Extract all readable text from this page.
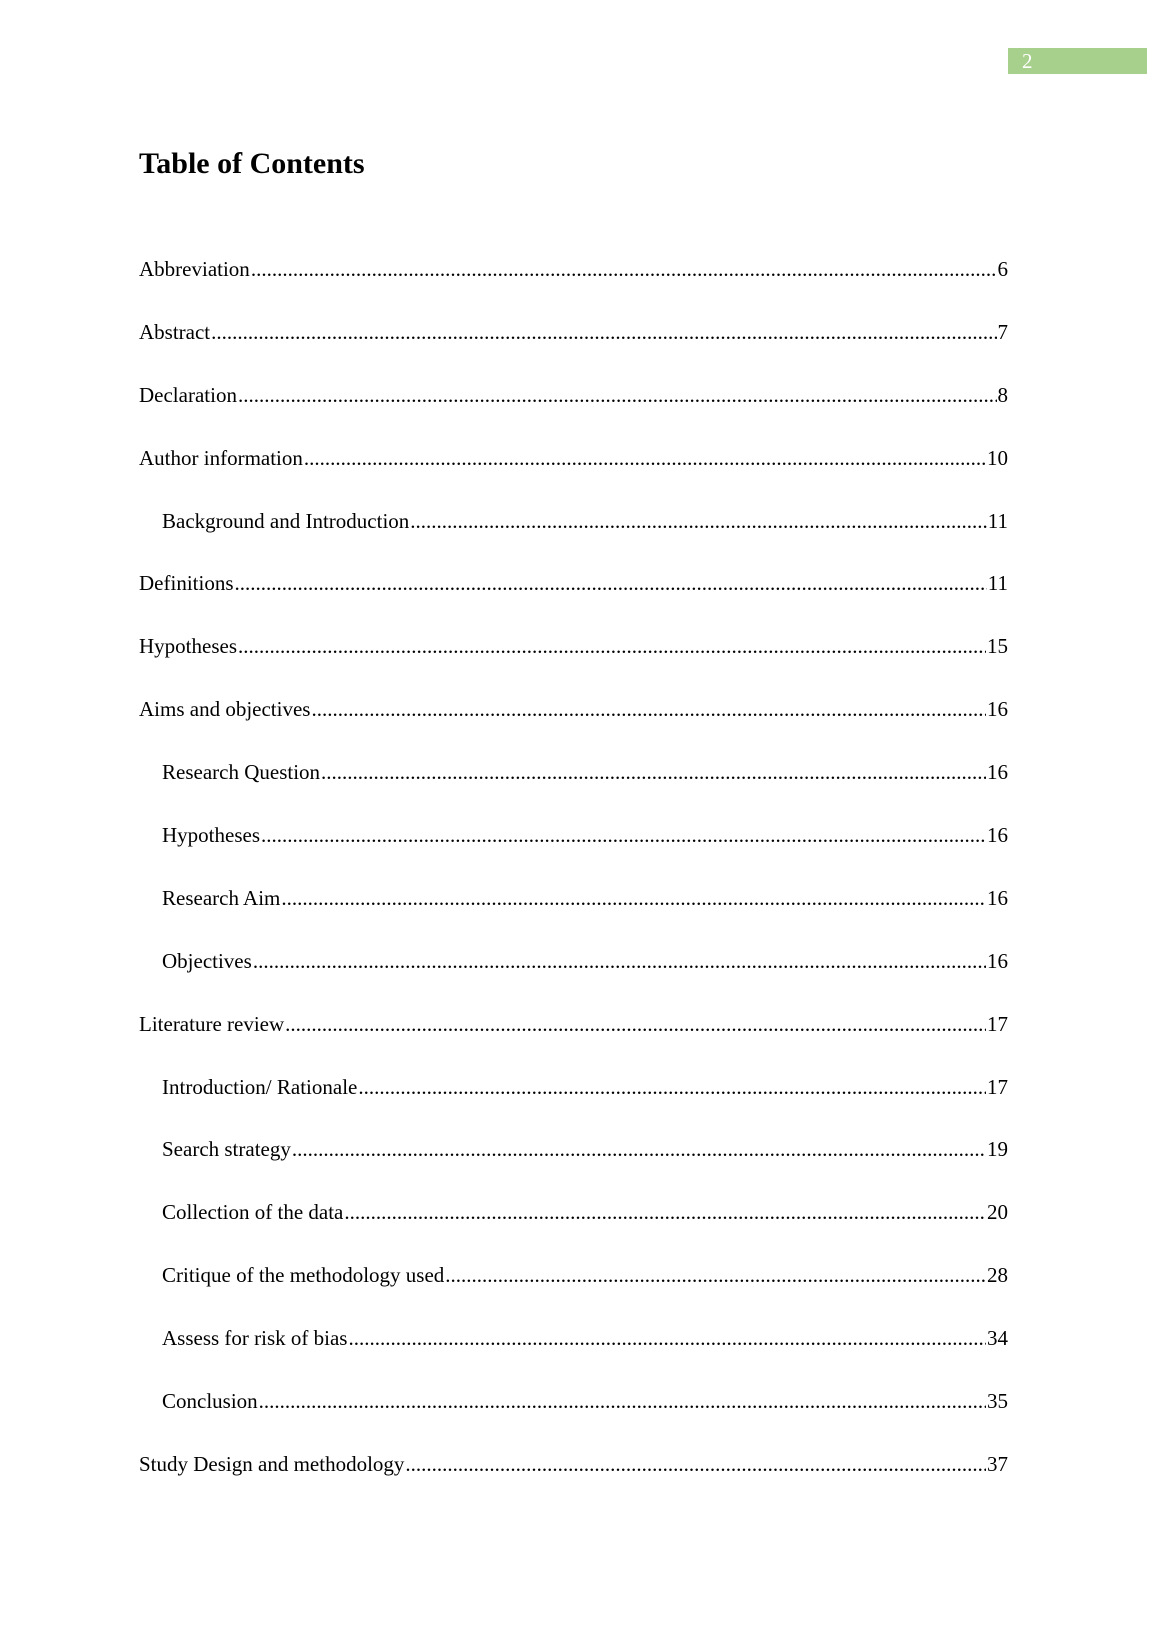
2
Table of Contents
Abbreviation .....	6
Abstract .....	7
Declaration .....	8
Author information .....	10
Background and Introduction .....	11
Definitions .....	11
Hypotheses .....	15
Aims and objectives .....	16
Research Question .....	16
Hypotheses .....	16
Research Aim .....	16
Objectives .....	16
Literature review .....	17
Introduction/ Rationale .....	17
Search strategy .....	19
Collection of the data .....	20
Critique of the methodology used .....	28
Assess for risk of bias .....	34
Conclusion .....	35
Study Design and methodology .....	37
